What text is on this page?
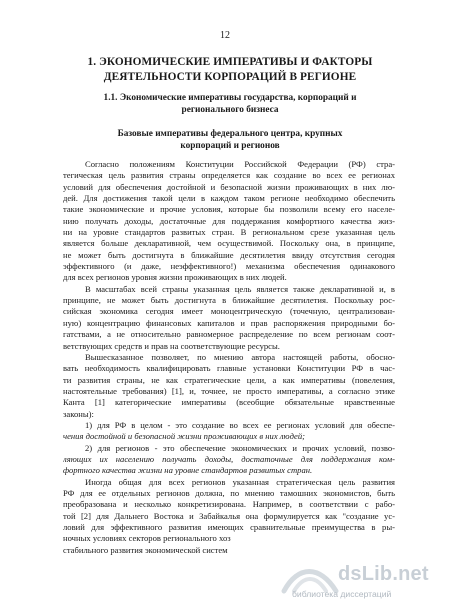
12
1. ЭКОНОМИЧЕСКИЕ ИМПЕРАТИВЫ И ФАКТОРЫ ДЕЯТЕЛЬНОСТИ КОРПОРАЦИЙ В РЕГИОНЕ
1.1. Экономические императивы государства, корпораций и регионального бизнеса
Базовые императивы федерального центра, крупных корпораций и регионов
Согласно положениям Конституции Российской Федерации (РФ) стра-
тегическая цель развития страны определяется как создание во всех ее регионах
условий для обеспечения достойной и безопасной жизни проживающих в них лю-
дей. Для достижения такой цели в каждом таком регионе необходимо обеспечить
такие экономические и прочие условия, которые бы позволили всему его населе-
нию получать доходы, достаточные для поддержания комфортного качества жиз-
ни на уровне стандартов развитых стран. В региональном срезе указанная цель
является больше декларативной, чем осуществимой. Поскольку она, в принципе,
не может быть достигнута в ближайшие десятилетия ввиду отсутствия сегодня
эффективного (и даже, неэффективного!) механизма обеспечения одинакового
для всех регионов уровня жизни проживающих в них людей.
В масштабах всей страны указанная цель является также декларативной и, в
принципе, не может быть достигнута в ближайшие десятилетия. Поскольку рос-
сийская экономика сегодня имеет моноцентрическую (точечную, централизован-
ную) концентрацию финансовых капиталов и прав распоряжения природными бо-
гатствами, а не относительно равномерное распределение по всем регионам соот-
ветствующих средств и прав на соответствующие ресурсы.
Вышесказанное позволяет, по мнению автора настоящей работы, обосно-
вать необходимость квалифицировать главные установки Конституции РФ в час-
ти развития страны, не как стратегические цели, а как императивы (повеления,
настоятельные требования) [1], и, точнее, не просто императивы, а согласно этике
Канта [1] категорические императивы (всеобщие обязательные нравственные
законы):
1) для РФ в целом - это создание во всех ее регионах условий для обеспе-
чения достойной и безопасной жизни проживающих в них людей;
2) для регионов - это обеспечение экономических и прочих условий, позво-
ляющих их населению получать доходы, достаточные для поддержания ком-
фортного качества жизни на уровне стандартов развитых стран.
Иногда общая для всех регионов указанная стратегическая цель развития
РФ для ее отдельных регионов должна, по мнению тамошних экономистов, быть
преобразована и несколько конкретизирована. Например, в соответствии с рабо-
той [2] для Дальнего Востока и Забайкалья она формулируется как "создание ус-
ловий для эффективного развития имеющих сравнительные преимущества в ры-
ночных условиях секторов регионального хоз
стабильного развития экономической систем
dsLib.net
библиотека диссертаций
